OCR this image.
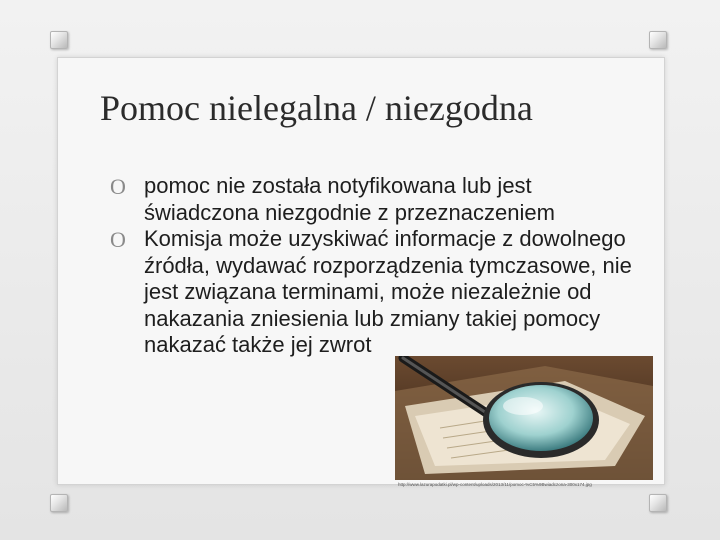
Pomoc nielegalna / niezgodna
O pomoc nie została notyfikowana lub jest świadczona niezgodnie z przeznaczeniem
O Komisja może uzyskiwać informacje z dowolnego źródła, wydawać rozporządzenia tymczasowe, nie jest związana terminami, może niezależnie od nakazania zniesienia lub zmiany takiej pomocy nakazać także jej zwrot
http://www.lazurapodatki.pl/wp-content/uploads/2013/11/pomoc-%C5%9Bwiadczona-300x174.jpg
